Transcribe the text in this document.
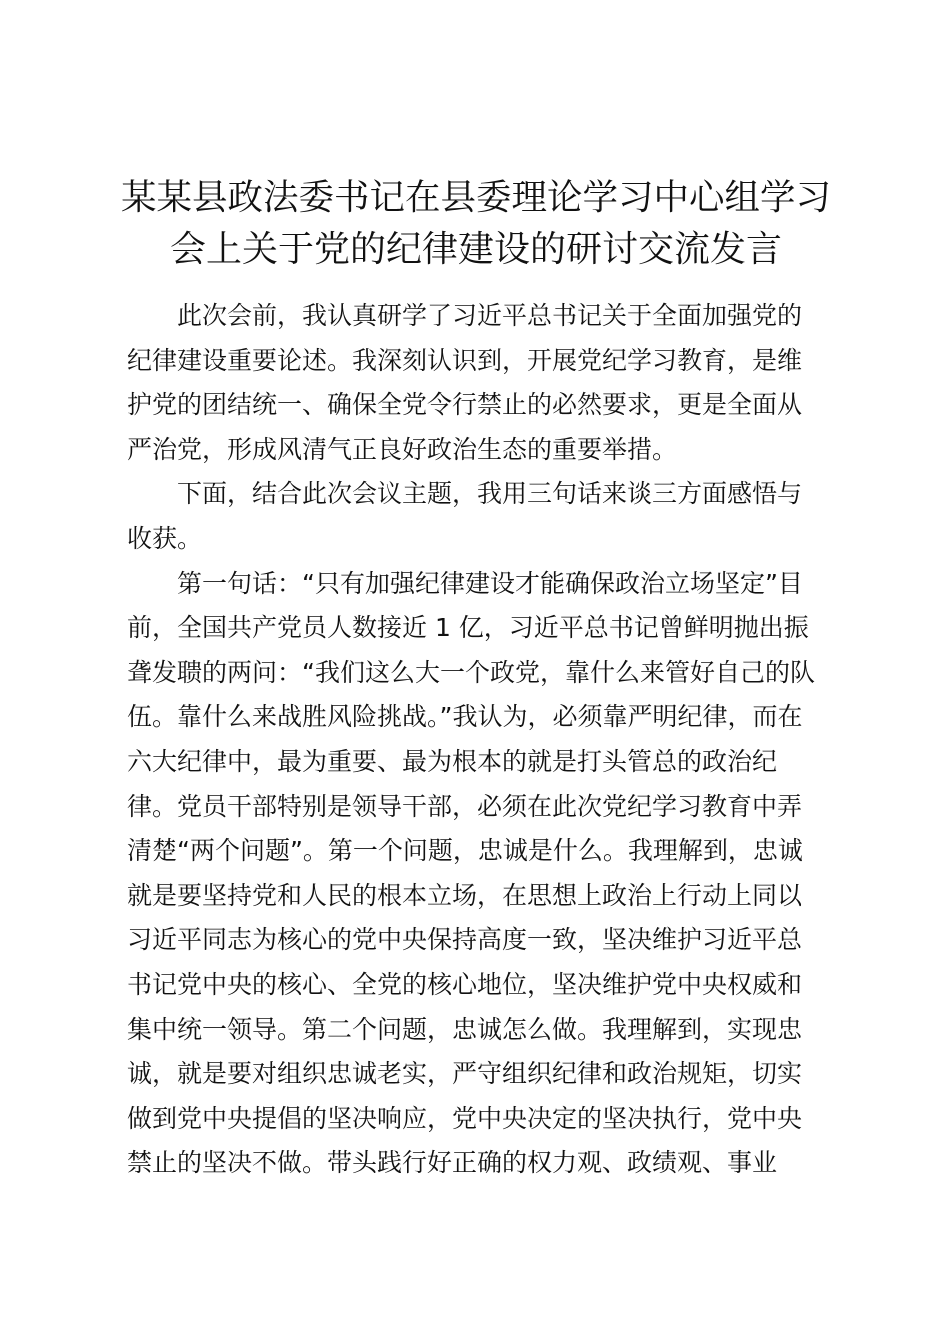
某某县政法委书记在县委理论学习中心组学习
会上关于党的纪律建设的研讨交流发言

此次会前，我认真研学了习近平总书记关于全面加强党的
纪律建设重要论述。我深刻认识到，开展党纪学习教育，是维
护党的团结统一、确保全党令行禁止的必然要求，更是全面从
严治党，形成风清气正良好政治生态的重要举措。

下面，结合此次会议主题，我用三句话来谈三方面感悟与
收获。

第一句话：“只有加强纪律建设才能确保政治立场坚定”目
前，全国共产党员人数接近 1 亿，习近平总书记曾鲜明抛出振
聋发聩的两问：“我们这么大一个政党，靠什么来管好自己的队
伍。靠什么来战胜风险挑战。”我认为，必须靠严明纪律，而在
六大纪律中，最为重要、最为根本的就是打头管总的政治纪
律。党员干部特别是领导干部，必须在此次党纪学习教育中弄
清楚“两个问题”。第一个问题，忠诚是什么。我理解到，忠诚
就是要坚持党和人民的根本立场，在思想上政治上行动上同以
习近平同志为核心的党中央保持高度一致，坚决维护习近平总
书记党中央的核心、全党的核心地位，坚决维护党中央权威和
集中统一领导。第二个问题，忠诚怎么做。我理解到，实现忠
诚，就是要对组织忠诚老实，严守组织纪律和政治规矩，切实
做到党中央提倡的坚决响应，党中央决定的坚决执行，党中央
禁止的坚决不做。带头践行好正确的权力观、政绩观、事业
